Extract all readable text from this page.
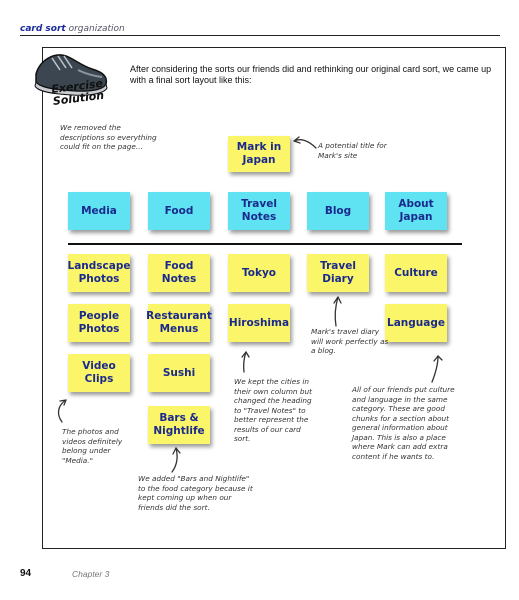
card sort organization
Exercise Solution
After considering the sorts our friends did and rethinking our original card sort, we came up with a final sort layout like this:
We removed the descriptions so everything could fit on the page...	A potential title for Mark's site
Mark in Japan
Media	Food
Travel Notes
Blog
About Japan
Landscape Photos
People Photos
Video Clips
Food Notes
Restaurant Menus
Sushi
Bars & Nightlife
Tokyo
Hiroshima
Travel Diary
Culture
Language
Mark's travel diary will work perfectly as a blog.
We kept the cities in their own column but changed the heading to "Travel Notes" to better represent the results of our card sort.
All of our friends put culture and language in the same category. These are good chunks for a section about general information about Japan. This is also a place where Mark can add extra content if he wants to.
The photos and videos definitely belong under "Media."
We added "Bars and Nightlife" to the food category because it kept coming up when our friends did the sort.
94	Chapter 3
